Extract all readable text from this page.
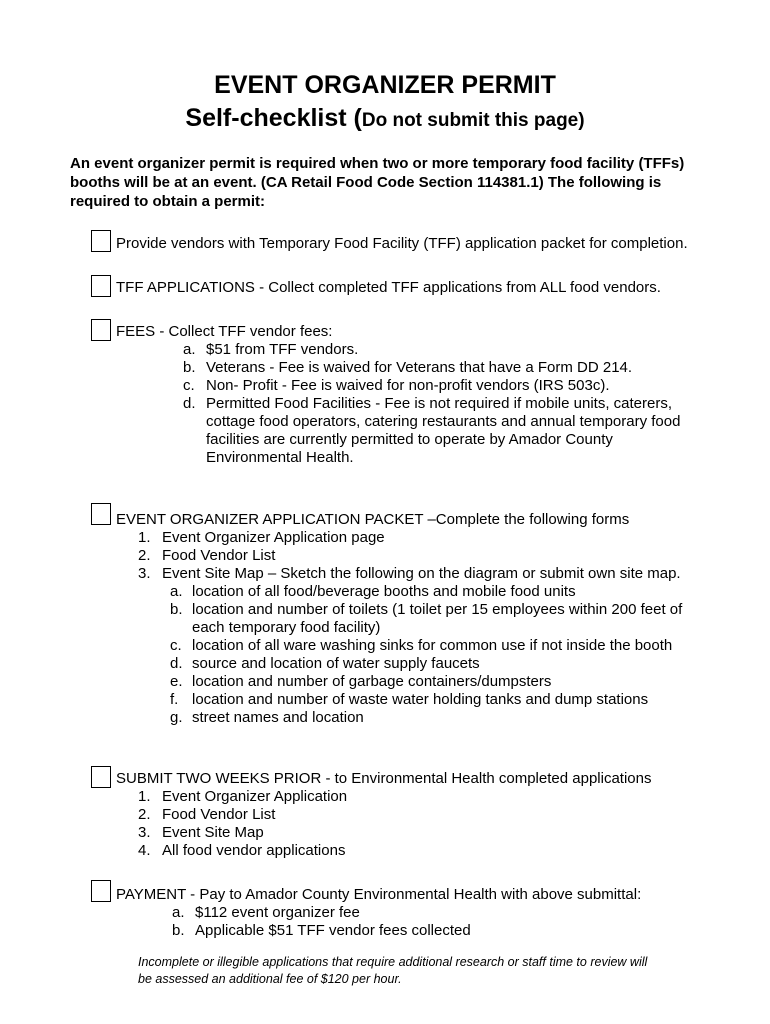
EVENT ORGANIZER PERMIT
Self-checklist (Do not submit this page)
An event organizer permit is required when two or more temporary food facility (TFFs) booths will be at an event. (CA Retail Food Code Section 114381.1) The following is required to obtain a permit:
Provide vendors with Temporary Food Facility (TFF) application packet for completion.
TFF APPLICATIONS - Collect completed TFF applications from ALL food vendors.
FEES - Collect TFF vendor fees:
a. $51 from TFF vendors.
b. Veterans - Fee is waived for Veterans that have a Form DD 214.
c. Non- Profit - Fee is waived for non-profit vendors (IRS 503c).
d. Permitted Food Facilities - Fee is not required if mobile units, caterers,
cottage food operators, catering restaurants and annual temporary food
facilities are currently permitted to operate by Amador County
Environmental Health.
EVENT ORGANIZER APPLICATION PACKET –Complete the following forms
1. Event Organizer Application page
2. Food Vendor List
3. Event Site Map – Sketch the following on the diagram or submit own site map.
a. location of all food/beverage booths and mobile food units
b. location and number of toilets (1 toilet per 15 employees within 200 feet of
each temporary food facility)
c. location of all ware washing sinks for common use if not inside the booth
d. source and location of water supply faucets
e. location and number of garbage containers/dumpsters
f. location and number of waste water holding tanks and dump stations
g. street names and location
SUBMIT TWO WEEKS PRIOR - to Environmental Health completed applications
1. Event Organizer Application
2. Food Vendor List
3. Event Site Map
4. All food vendor applications
PAYMENT - Pay to Amador County Environmental Health with above submittal:
a. $112 event organizer fee
b. Applicable $51 TFF vendor fees collected
Incomplete or illegible applications that require additional research or staff time to review will
be assessed an additional fee of $120 per hour.
